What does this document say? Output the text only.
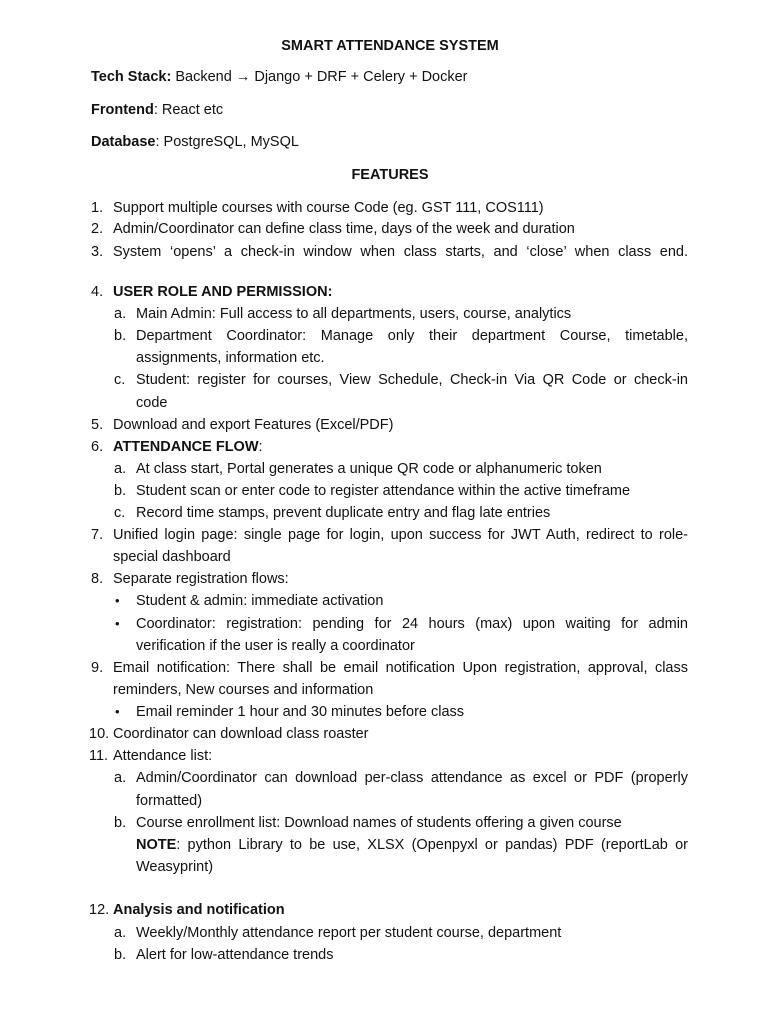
SMART ATTENDANCE SYSTEM
Tech Stack: Backend → Django + DRF + Celery + Docker
Frontend: React etc
Database: PostgreSQL, MySQL
FEATURES
1. Support multiple courses with course Code (eg. GST 111, COS111)
2. Admin/Coordinator can define class time, days of the week and duration
3. System ‘opens’ a check-in window when class starts, and ‘close’ when class end.
4. USER ROLE AND PERMISSION:
a. Main Admin: Full access to all departments, users, course, analytics
b. Department Coordinator: Manage only their department Course, timetable,
assignments, information etc.
c. Student: register for courses, View Schedule, Check-in Via QR Code or check-in
code
5. Download and export Features (Excel/PDF)
6. ATTENDANCE FLOW:
a. At class start, Portal generates a unique QR code or alphanumeric token
b. Student scan or enter code to register attendance within the active timeframe
c. Record time stamps, prevent duplicate entry and flag late entries
7. Unified login page: single page for login, upon success for JWT Auth, redirect to role-
special dashboard
8. Separate registration flows:
•	Student & admin: immediate activation
•	Coordinator: registration: pending for 24 hours (max) upon waiting for admin
verification if the user is really a coordinator
9. Email notification: There shall be email notification Upon registration, approval, class
reminders, New courses and information
•	Email reminder 1 hour and 30 minutes before class
10. Coordinator can download class roaster
11. Attendance list:
a. Admin/Coordinator can download per-class attendance as excel or PDF (properly
formatted)
b. Course enrollment list: Download names of students offering a given course
NOTE: python Library to be use, XLSX (Openpyxl or pandas) PDF (reportLab or
Weasyprint)
12. Analysis and notification
a. Weekly/Monthly attendance report per student course, department
b. Alert for low-attendance trends
